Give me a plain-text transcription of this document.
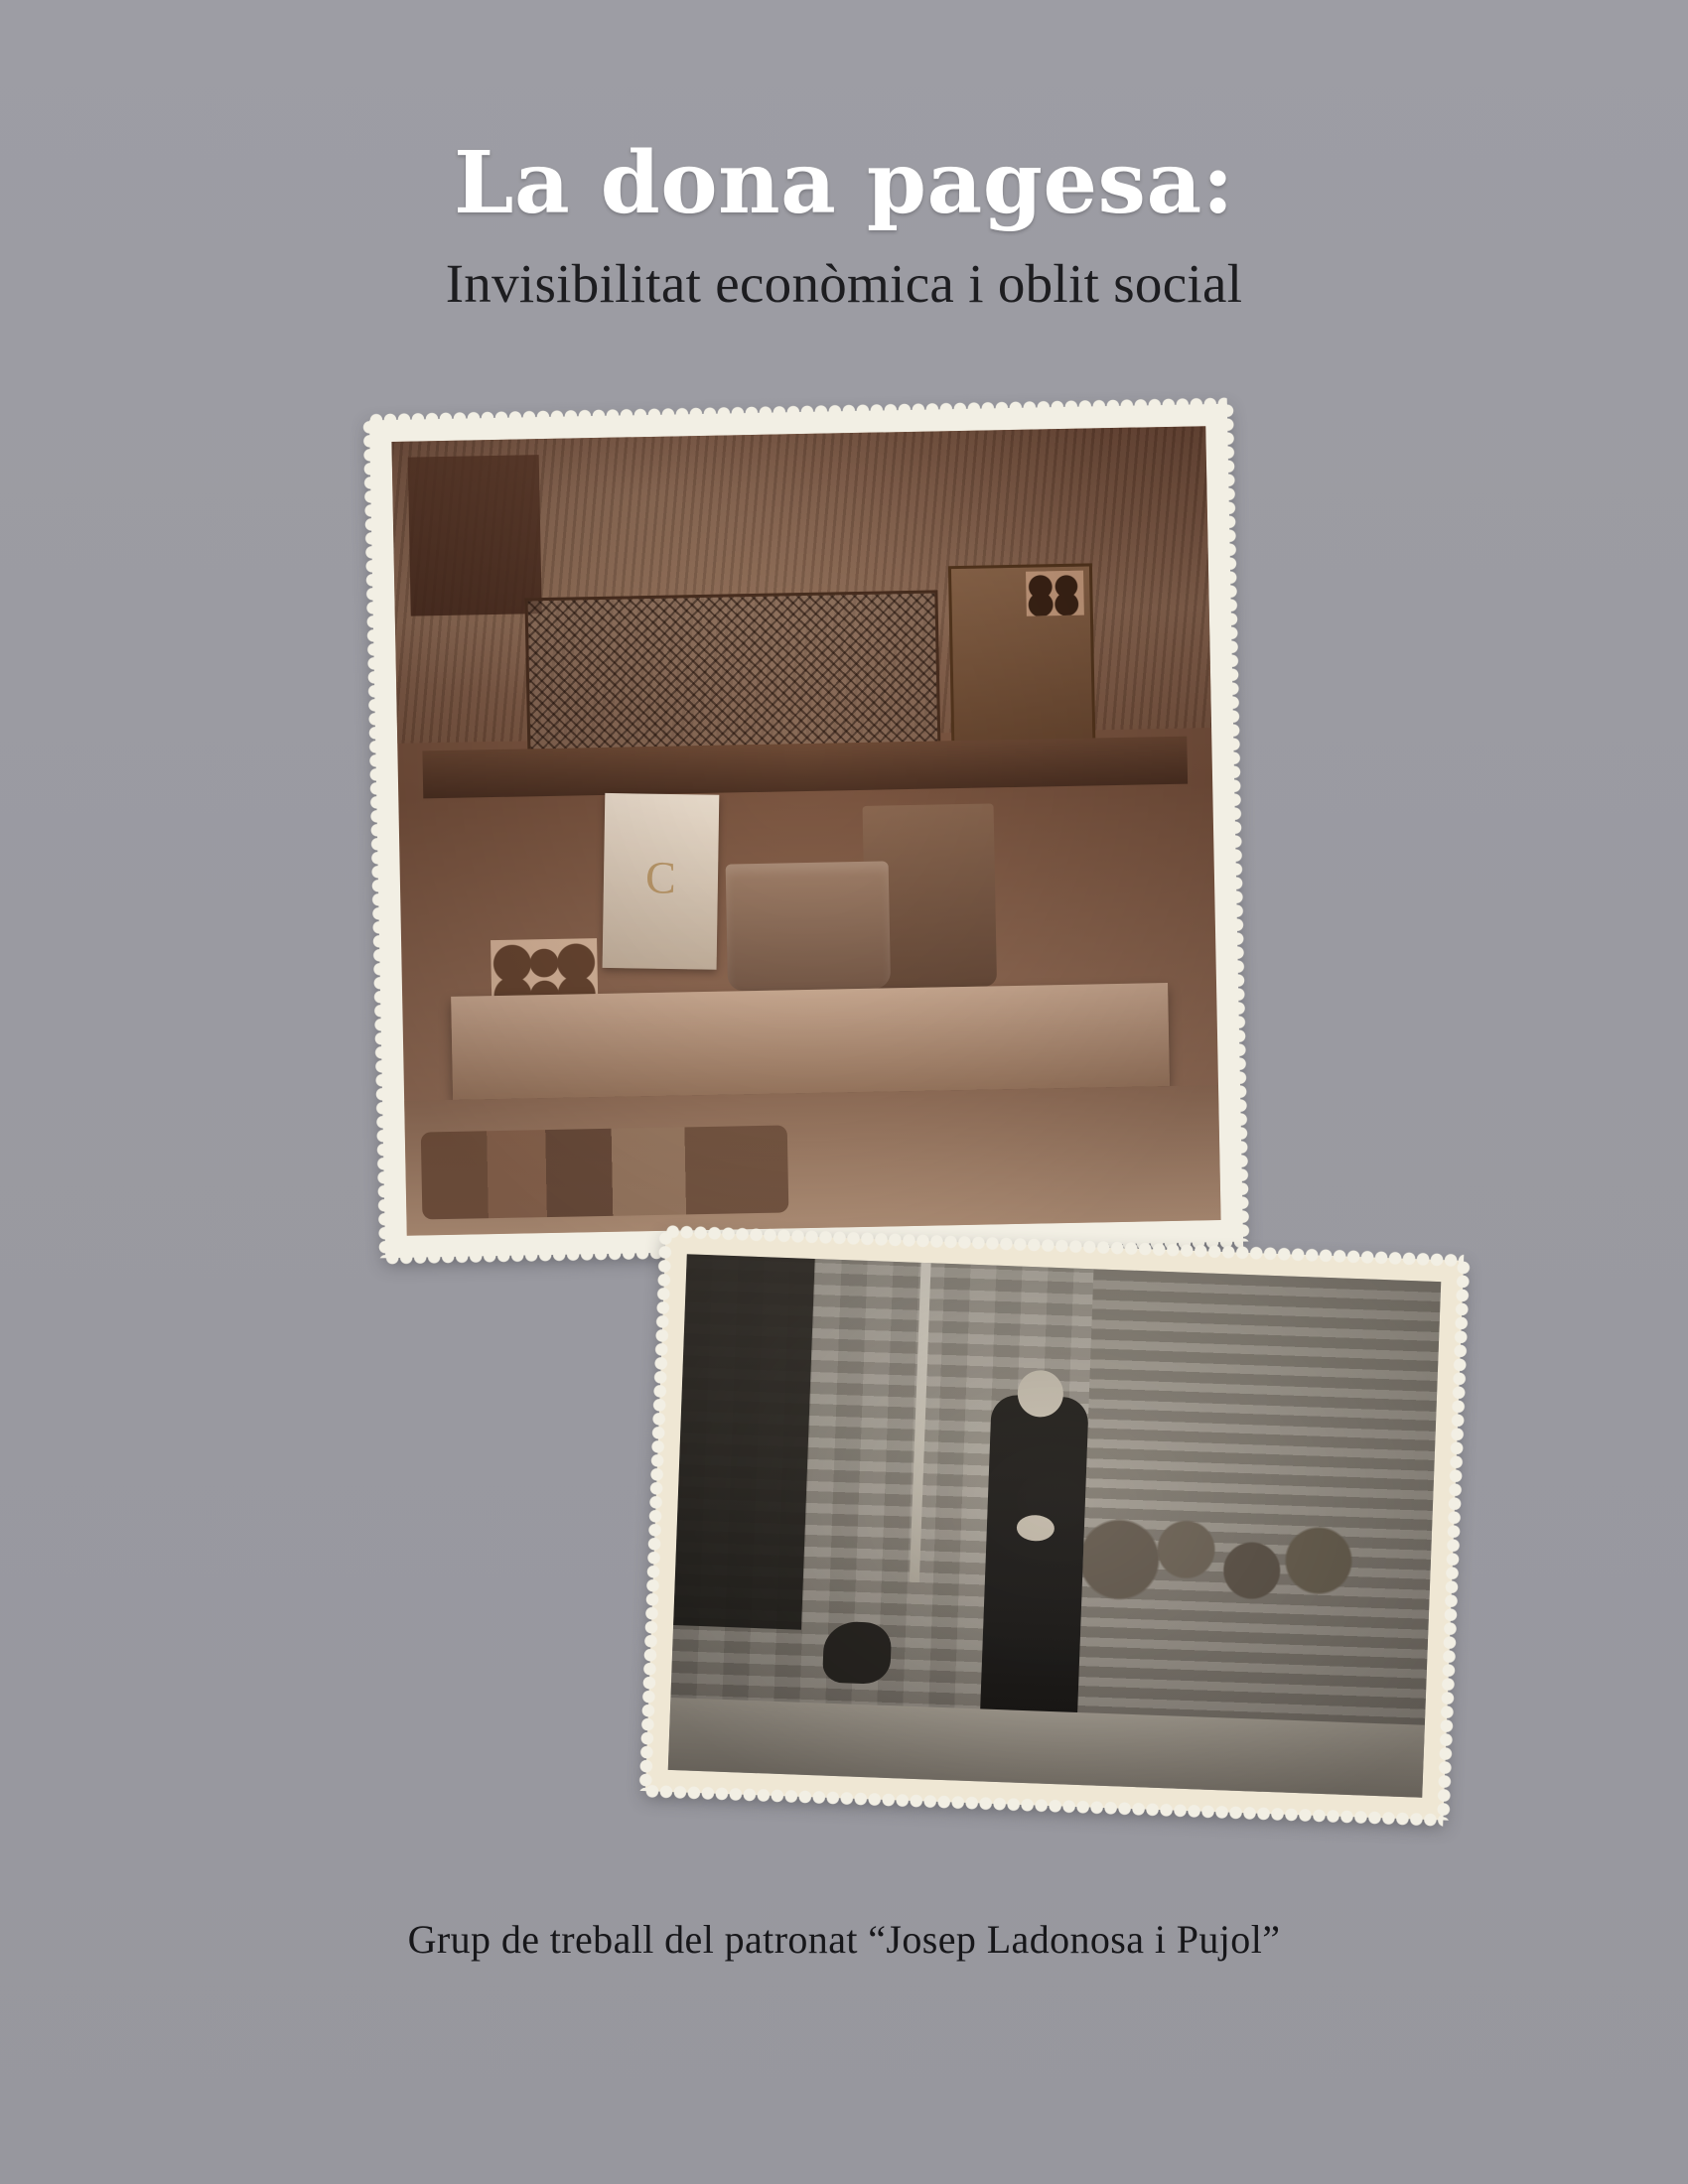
La dona pagesa:
Invisibilitat econòmica i oblit social
C
Grup de treball del patronat “Josep Ladonosa i Pujol”
